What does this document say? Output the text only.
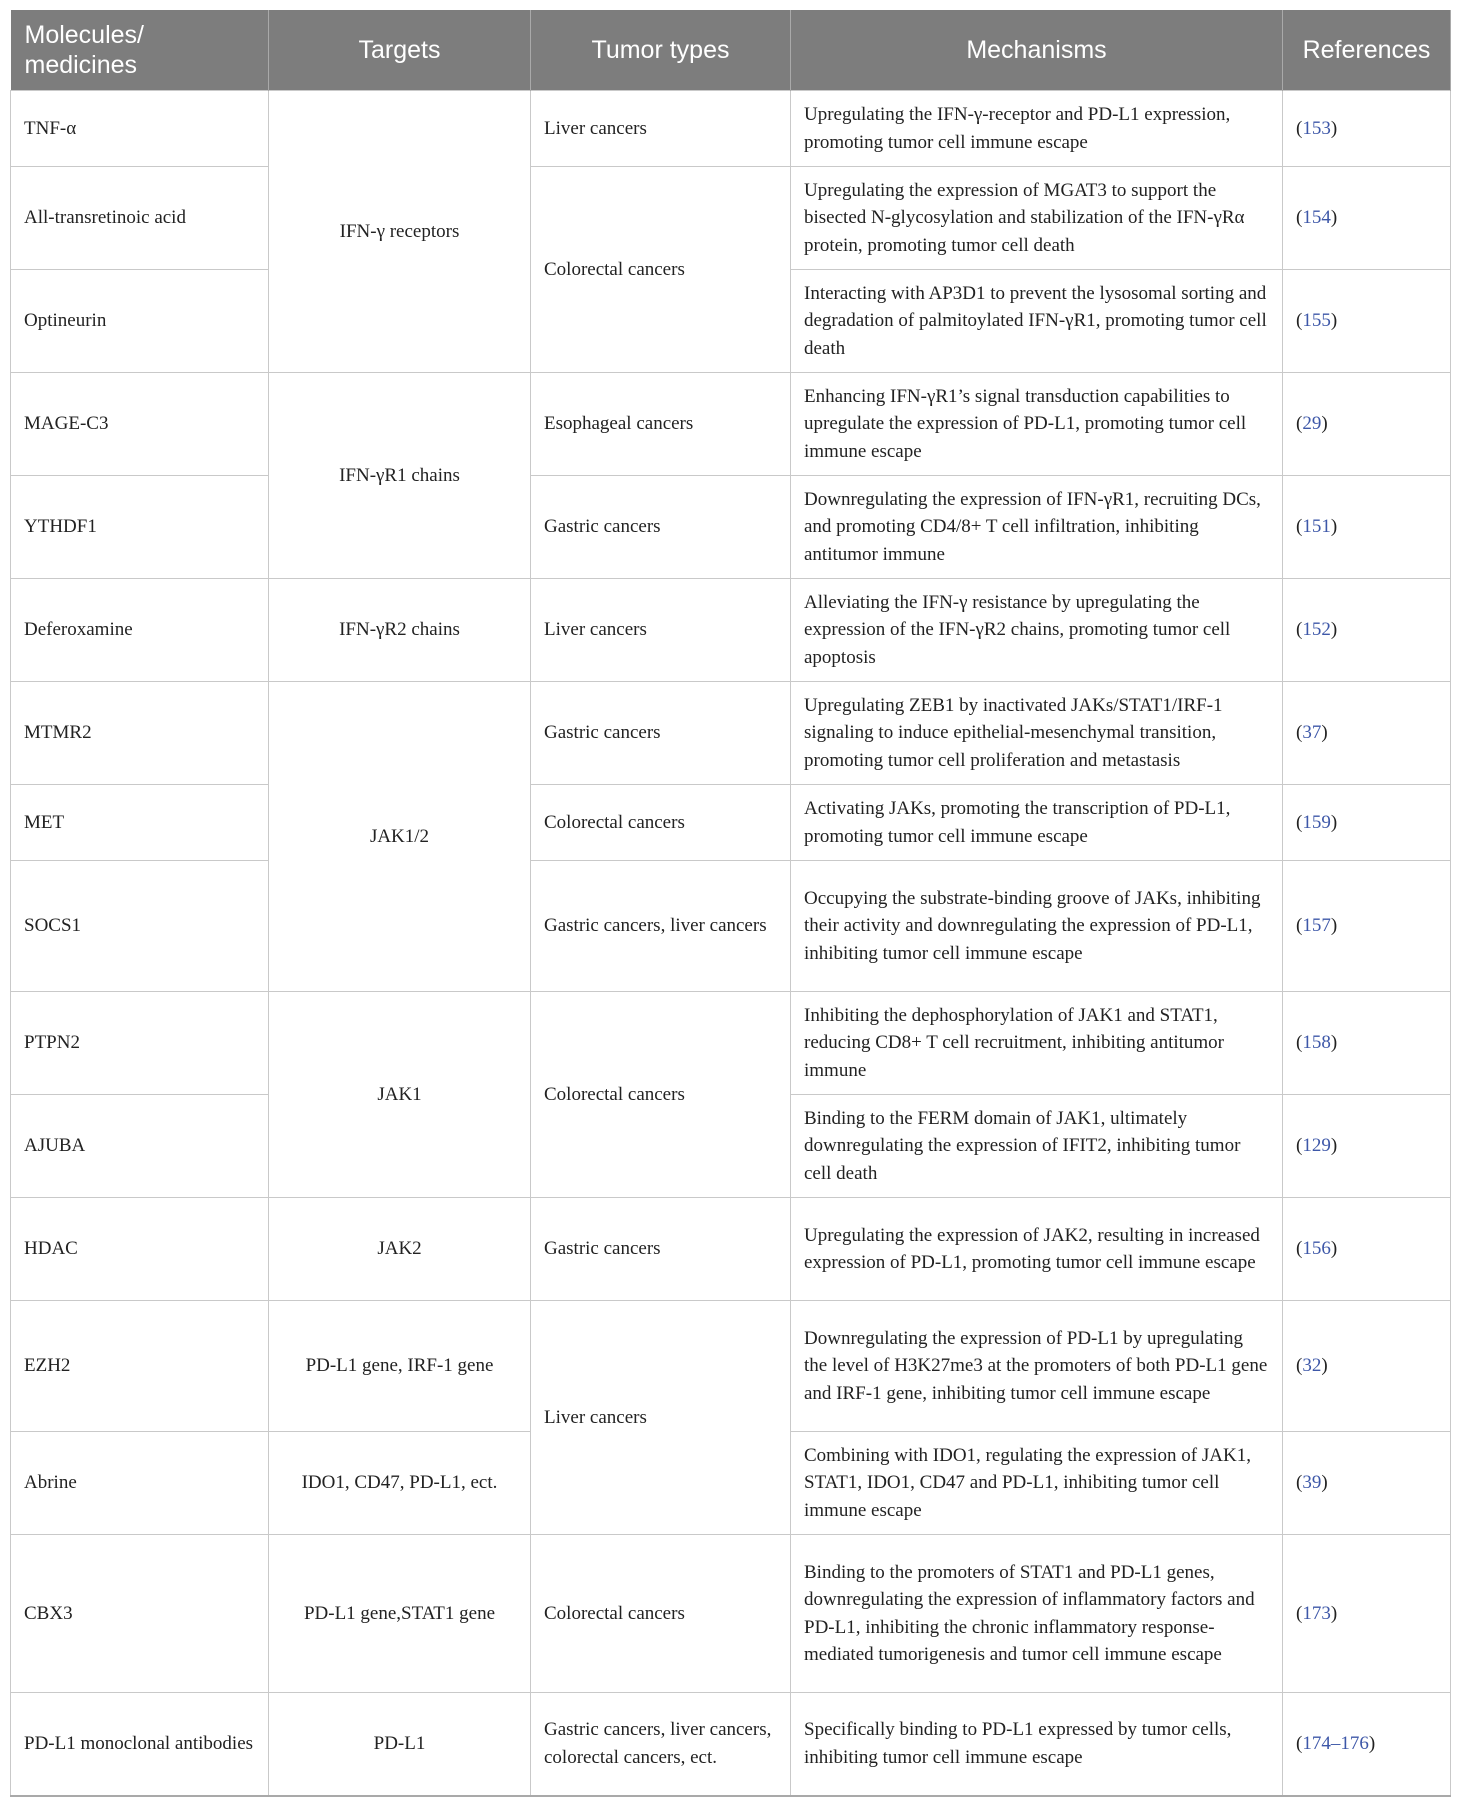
Molecules/ medicines	Targets	Tumor types	Mechanisms	References
TNF-α	IFN-γ receptors	Liver cancers	Upregulating the IFN-γ-receptor and PD-L1 expression, promoting tumor cell immune escape	(153)
All-transretinoic acid		Colorectal cancers	Upregulating the expression of MGAT3 to support the bisected N-glycosylation and stabilization of the IFN-γRα protein, promoting tumor cell death	(154)
Optineurin			Interacting with AP3D1 to prevent the lysosomal sorting and degradation of palmitoylated IFN-γR1, promoting tumor cell death	(155)
MAGE-C3	IFN-γR1 chains	Esophageal cancers	Enhancing IFN-γR1’s signal transduction capabilities to upregulate the expression of PD-L1, promoting tumor cell immune escape	(29)
YTHDF1		Gastric cancers	Downregulating the expression of IFN-γR1, recruiting DCs, and promoting CD4/8+ T cell infiltration, inhibiting antitumor immune	(151)
Deferoxamine	IFN-γR2 chains	Liver cancers	Alleviating the IFN-γ resistance by upregulating the expression of the IFN-γR2 chains, promoting tumor cell apoptosis	(152)
MTMR2	JAK1/2	Gastric cancers	Upregulating ZEB1 by inactivated JAKs/STAT1/IRF-1 signaling to induce epithelial-mesenchymal transition, promoting tumor cell proliferation and metastasis	(37)
MET		Colorectal cancers	Activating JAKs, promoting the transcription of PD-L1, promoting tumor cell immune escape	(159)
SOCS1		Gastric cancers, liver cancers	Occupying the substrate-binding groove of JAKs, inhibiting their activity and downregulating the expression of PD-L1, inhibiting tumor cell immune escape	(157)
PTPN2	JAK1	Colorectal cancers	Inhibiting the dephosphorylation of JAK1 and STAT1, reducing CD8+ T cell recruitment, inhibiting antitumor immune	(158)
AJUBA			Binding to the FERM domain of JAK1, ultimately downregulating the expression of IFIT2, inhibiting tumor cell death	(129)
HDAC	JAK2	Gastric cancers	Upregulating the expression of JAK2, resulting in increased expression of PD-L1, promoting tumor cell immune escape	(156)
EZH2	PD-L1 gene, IRF-1 gene	Liver cancers	Downregulating the expression of PD-L1 by upregulating the level of H3K27me3 at the promoters of both PD-L1 gene and IRF-1 gene, inhibiting tumor cell immune escape	(32)
Abrine	IDO1, CD47, PD-L1, ect.		Combining with IDO1, regulating the expression of JAK1, STAT1, IDO1, CD47 and PD-L1, inhibiting tumor cell immune escape	(39)
CBX3	PD-L1 gene,STAT1 gene	Colorectal cancers	Binding to the promoters of STAT1 and PD-L1 genes, downregulating the expression of inflammatory factors and PD-L1, inhibiting the chronic inflammatory response-mediated tumorigenesis and tumor cell immune escape	(173)
PD-L1 monoclonal antibodies	PD-L1	Gastric cancers, liver cancers, colorectal cancers, ect.	Specifically binding to PD-L1 expressed by tumor cells, inhibiting tumor cell immune escape	(174–176)
